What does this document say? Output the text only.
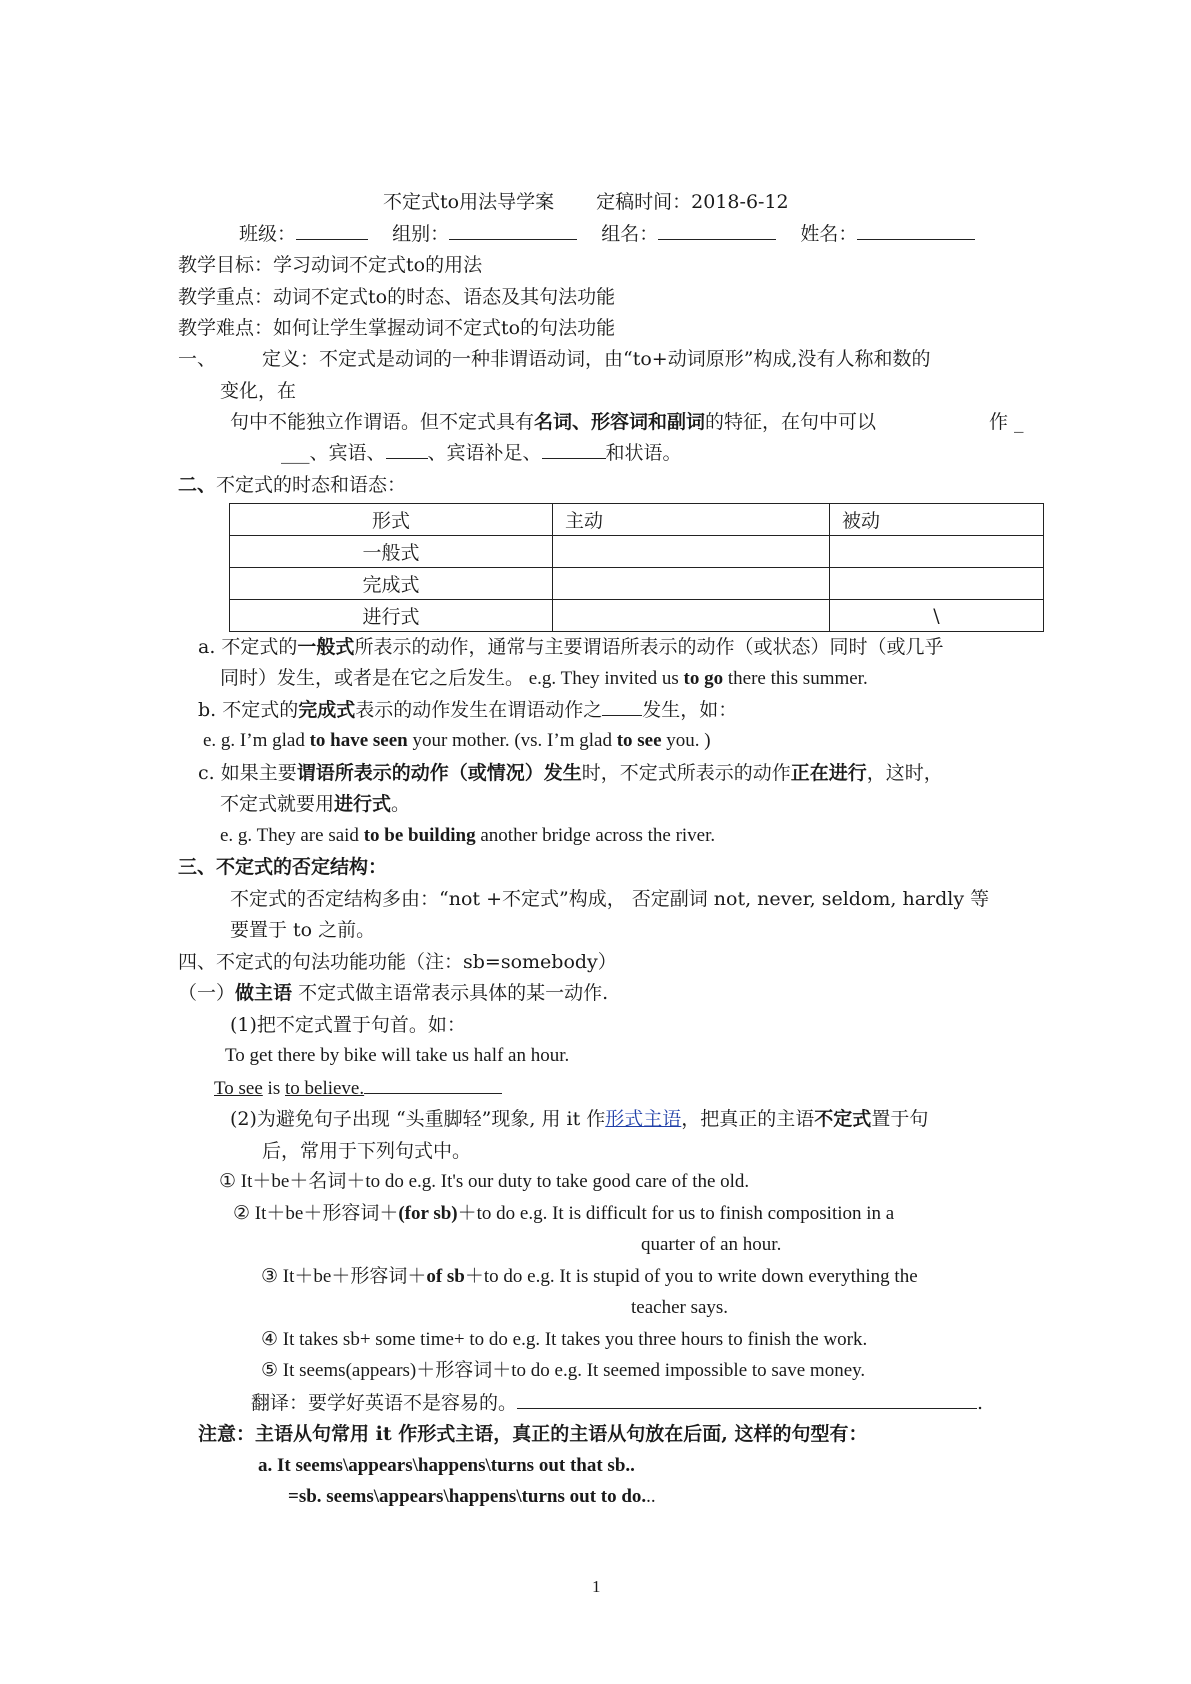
不定式to用法导学案 定稿时间：2018-6-12
班级：	组别：	组名：	姓名：
教学目标：学习动词不定式to的用法
教学重点：动词不定式to的时态、语态及其句法功能
教学难点：如何让学生掌握动词不定式to的句法功能
一、 定义：不定式是动词的一种非谓语动词，由“to+动词原形”构成,没有人称和数的
变化，在
句中不能独立作谓语。但不定式具有名词、形容词和副词的特征，在句中可以	作 _
___、宾语、 、宾语补足、	和状语。
二、不定式的时态和语态：
形式	主动	被动
一般式		
完成式		
进行式		\
a. 不定式的一般式所表示的动作，通常与主要谓语所表示的动作（或状态）同时（或几乎
同时）发生，或者是在它之后发生。 e.g. They invited us to go there this summer.
b. 不定式的完成式表示的动作发生在谓语动作之 发生，如：
e. g. I’m glad to have seen your mother. (vs. I’m glad to see you. )
c. 如果主要谓语所表示的动作（或情况）发生时，不定式所表示的动作正在进行，这时，
不定式就要用进行式。
e. g. They are said to be building another bridge across the river.
三、不定式的否定结构：
不定式的否定结构多由：“not +不定式”构成， 否定副词 not, never, seldom, hardly 等
要置于 to 之前。
四、不定式的句法功能功能（注：sb=somebody）
（一）做主语 不定式做主语常表示具体的某一动作.
(1)把不定式置于句首。如：
To get there by bike will take us half an hour.
To see is to believe.
(2)为避免句子出现 “头重脚轻”现象, 用 it 作形式主语，把真正的主语不定式置于句
后，常用于下列句式中。
① It＋be＋名词＋to do e.g. It's our duty to take good care of the old.
② It＋be＋形容词＋(for sb)＋to do e.g. It is difficult for us to finish composition in a
quarter of an hour.
③ It＋be＋形容词＋of sb＋to do e.g. It is stupid of you to write down everything the
teacher says.
④ It takes sb+ some time+ to do e.g. It takes you three hours to finish the work.
⑤ It seems(appears)＋形容词＋to do e.g. It seemed impossible to save money.
翻译：要学好英语不是容易的。	.
注意：主语从句常用 it 作形式主语，真正的主语从句放在后面, 这样的句型有：
a. It seems\appears\happens\turns out that sb..
=sb. seems\appears\happens\turns out to do...
1
